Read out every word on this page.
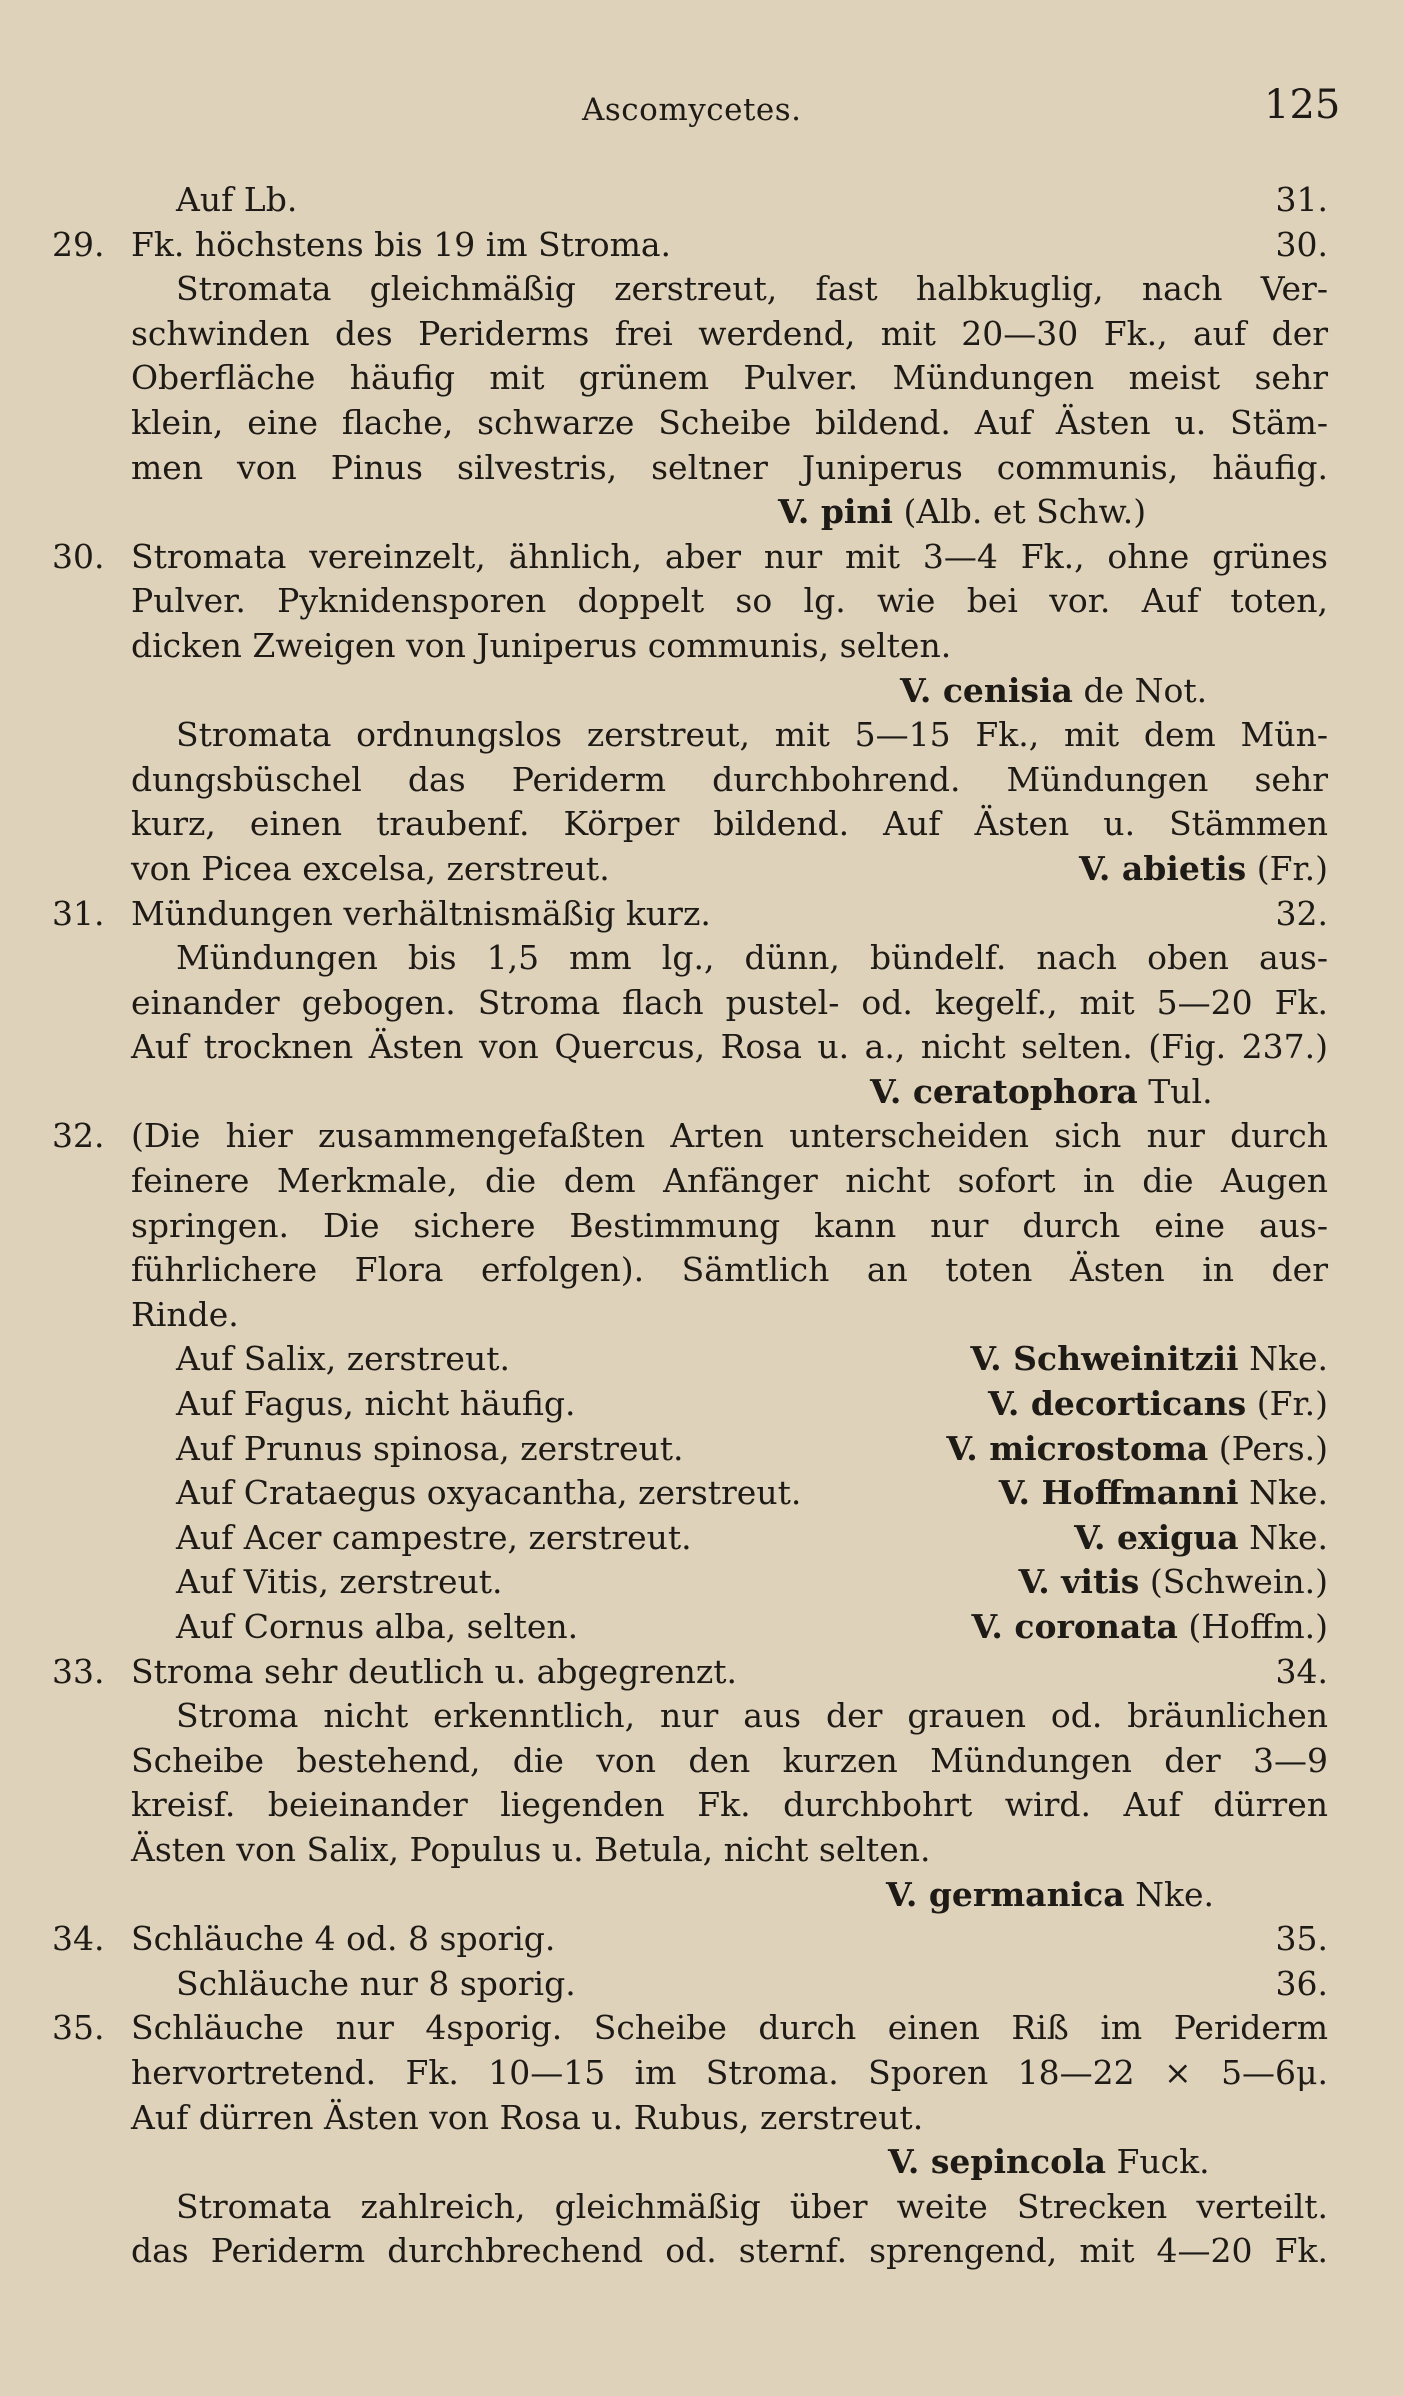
Ascomycetes.	125
Auf Lb.	31.
29. Fk. höchstens bis 19 im Stroma.	30.
Stromata gleichmäßig zerstreut, fast halbkuglig, nach Ver-
schwinden des Periderms frei werdend, mit 20—30 Fk., auf der
Oberfläche häufig mit grünem Pulver. Mündungen meist sehr
klein, eine flache, schwarze Scheibe bildend. Auf Ästen u. Stäm-
men von Pinus silvestris, seltner Juniperus communis, häufig.
V. pini (Alb. et Schw.)
30. Stromata vereinzelt, ähnlich, aber nur mit 3—4 Fk., ohne grünes
Pulver. Pyknidensporen doppelt so lg. wie bei vor. Auf toten,
dicken Zweigen von Juniperus communis, selten.
V. cenisia de Not.
Stromata ordnungslos zerstreut, mit 5—15 Fk., mit dem Mün-
dungsbüschel das Periderm durchbohrend. Mündungen sehr
kurz, einen traubenf. Körper bildend. Auf Ästen u. Stämmen
von Picea excelsa, zerstreut.	V. abietis (Fr.)
31. Mündungen verhältnismäßig kurz.	32.
Mündungen bis 1,5 mm lg., dünn, bündelf. nach oben aus-
einander gebogen. Stroma flach pustel- od. kegelf., mit 5—20 Fk.
Auf trocknen Ästen von Quercus, Rosa u. a., nicht selten. (Fig. 237.)
V. ceratophora Tul.
32. (Die hier zusammengefaßten Arten unterscheiden sich nur durch
feinere Merkmale, die dem Anfänger nicht sofort in die Augen
springen. Die sichere Bestimmung kann nur durch eine aus-
führlichere Flora erfolgen). Sämtlich an toten Ästen in der
Rinde.
Auf Salix, zerstreut.	V. Schweinitzii Nke.
Auf Fagus, nicht häufig.	V. decorticans (Fr.)
Auf Prunus spinosa, zerstreut.	V. microstoma (Pers.)
Auf Crataegus oxyacantha, zerstreut.	V. Hoffmanni Nke.
Auf Acer campestre, zerstreut.	V. exigua Nke.
Auf Vitis, zerstreut.	V. vitis (Schwein.)
Auf Cornus alba, selten.	V. coronata (Hoffm.)
33. Stroma sehr deutlich u. abgegrenzt.	34.
Stroma nicht erkenntlich, nur aus der grauen od. bräunlichen
Scheibe bestehend, die von den kurzen Mündungen der 3—9
kreisf. beieinander liegenden Fk. durchbohrt wird. Auf dürren
Ästen von Salix, Populus u. Betula, nicht selten.
V. germanica Nke.
34. Schläuche 4 od. 8 sporig.	35.
Schläuche nur 8 sporig.	36.
35. Schläuche nur 4sporig. Scheibe durch einen Riß im Periderm
hervortretend. Fk. 10—15 im Stroma. Sporen 18—22 × 5—6μ.
Auf dürren Ästen von Rosa u. Rubus, zerstreut.
V. sepincola Fuck.
Stromata zahlreich, gleichmäßig über weite Strecken verteilt.
das Periderm durchbrechend od. sternf. sprengend, mit 4—20 Fk.
